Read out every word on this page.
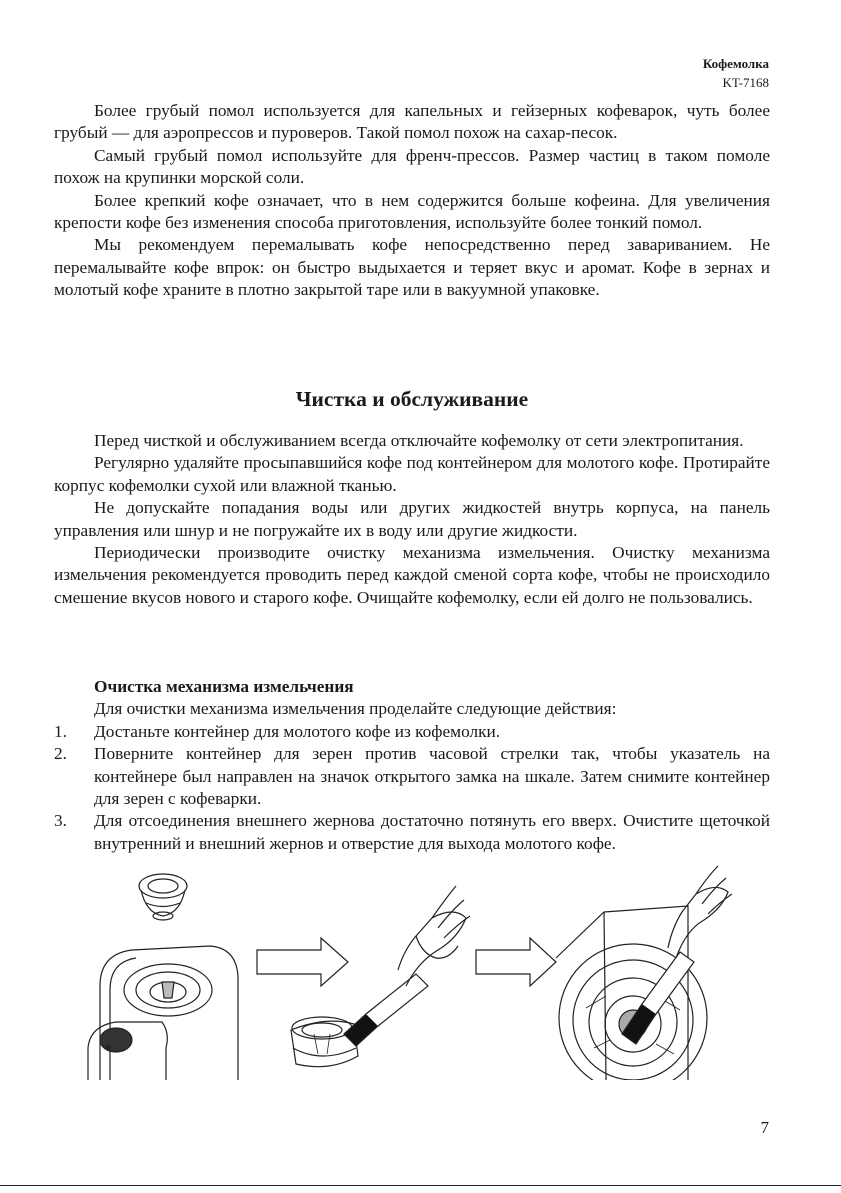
Кофемолка
KT-7168

Более грубый помол используется для капельных и гейзерных кофеварок, чуть более грубый — для аэропрессов и пуроверов. Такой помол похож на сахар-песок.

Самый грубый помол используйте для френч-прессов. Размер частиц в таком помоле похож на крупинки морской соли.

Более крепкий кофе означает, что в нем содержится больше кофеина. Для увеличения крепости кофе без изменения способа приготовления, используйте более тонкий помол.

Мы рекомендуем перемалывать кофе непосредственно перед завариванием. Не перемалывайте кофе впрок: он быстро выдыхается и теряет вкус и аромат. Кофе в зернах и молотый кофе храните в плотно закрытой таре или в вакуумной упаковке.

Чистка и обслуживание

Перед чисткой и обслуживанием всегда отключайте кофемолку от сети электропитания.

Регулярно удаляйте просыпавшийся кофе под контейнером для молотого кофе. Протирайте корпус кофемолки сухой или влажной тканью.

Не допускайте попадания воды или других жидкостей внутрь корпуса, на панель управления или шнур и не погружайте их в воду или другие жидкости.

Периодически производите очистку механизма измельчения. Очистку механизма измельчения рекомендуется проводить перед каждой сменой сорта кофе, чтобы не происходило смешение вкусов нового и старого кофе. Очищайте кофемолку, если ей долго не пользовались.

Очистка механизма измельчения

Для очистки механизма измельчения проделайте следующие действия:

1. Достаньте контейнер для молотого кофе из кофемолки.
2. Поверните контейнер для зерен против часовой стрелки так, чтобы указатель на контейнере был направлен на значок открытого замка на шкале. Затем снимите контейнер для зерен с кофеварки.
3. Для отсоединения внешнего жернова достаточно потянуть его вверх. Очистите щеточкой внутренний и внешний жернов и отверстие для выхода молотого кофе.
7
